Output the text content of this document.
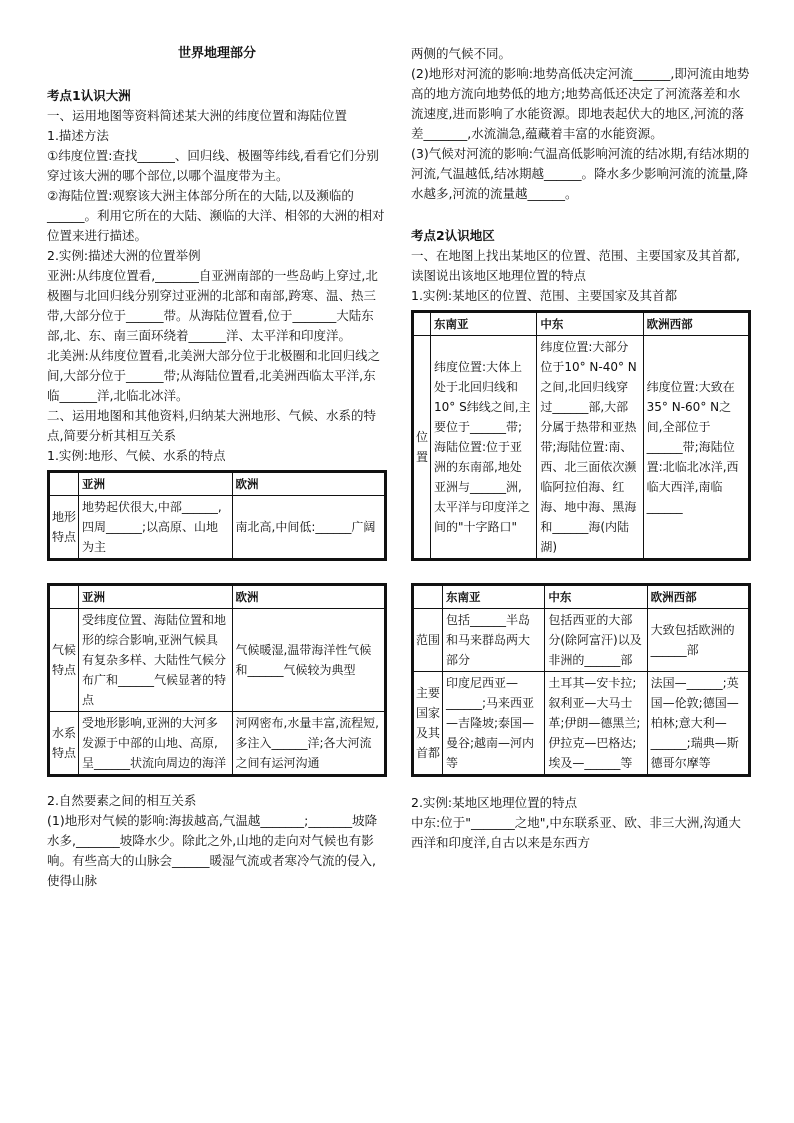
世界地理部分

考点1认识大洲

一、运用地图等资料简述某大洲的纬度位置和海陆位置

1.描述方法

①纬度位置:查找______、回归线、极圈等纬线,看看它们分别穿过该大洲的哪个部位,以哪个温度带为主。

②海陆位置:观察该大洲主体部分所在的大陆,以及濒临的______。利用它所在的大陆、濒临的大洋、相邻的大洲的相对位置来进行描述。

2.实例:描述大洲的位置举例

亚洲:从纬度位置看,_______自亚洲南部的一些岛屿上穿过,北极圈与北回归线分别穿过亚洲的北部和南部,跨寒、温、热三带,大部分位于______带。从海陆位置看,位于_______大陆东部,北、东、南三面环绕着______洋、太平洋和印度洋。

北美洲:从纬度位置看,北美洲大部分位于北极圈和北回归线之间,大部分位于______带;从海陆位置看,北美洲西临太平洋,东临______洋,北临北冰洋。

二、运用地图和其他资料,归纳某大洲地形、气候、水系的特点,简要分析其相互关系

1.实例:地形、气候、水系的特点

	亚洲	欧洲
地形特点	地势起伏很大,中部______,四周______;以高原、山地为主	南北高,中间低:______广阔
	亚洲	欧洲
气候特点	受纬度位置、海陆位置和地形的综合影响,亚洲气候具有复杂多样、大陆性气候分布广和______气候显著的特点	气候暖湿,温带海洋性气候和______气候较为典型
水系特点	受地形影响,亚洲的大河多发源于中部的山地、高原,呈______状流向周边的海洋	河网密布,水量丰富,流程短,多注入______洋;各大河流之间有运河沟通

2.自然要素之间的相互关系

(1)地形对气候的影响:海拔越高,气温越_______;_______坡降水多,_______坡降水少。除此之外,山地的走向对气候也有影响。有些高大的山脉会______暖湿气流或者寒冷气流的侵入,使得山脉

两侧的气候不同。

(2)地形对河流的影响:地势高低决定河流______,即河流由地势高的地方流向地势低的地方;地势高低还决定了河流落差和水流速度,进而影响了水能资源。即地表起伏大的地区,河流的落差_______,水流湍急,蕴藏着丰富的水能资源。

(3)气候对河流的影响:气温高低影响河流的结冰期,有结冰期的河流,气温越低,结冰期越______。降水多少影响河流的流量,降水越多,河流的流量越______。

考点2认识地区

一、在地图上找出某地区的位置、范围、主要国家及其首都,读图说出该地区地理位置的特点

1.实例:某地区的位置、范围、主要国家及其首都

	东南亚	中东	欧洲西部
位置	纬度位置:大体上处于北回归线和10° S纬线之间,主要位于______带;海陆位置:位于亚洲的东南部,地处亚洲与______洲,太平洋与印度洋之间的"十字路口"	纬度位置:大部分位于10° N-40° N之间,北回归线穿过______部,大部分属于热带和亚热带;海陆位置:南、西、北三面依次濒临阿拉伯海、红海、地中海、黑海和______海(内陆湖)	纬度位置:大致在35° N-60° N之间,全部位于______带;海陆位置:北临北冰洋,西临大西洋,南临______
	东南亚	中东	欧洲西部
范围	包括______半岛和马来群岛两大部分	包括西亚的大部分(除阿富汗)以及非洲的______部	大致包括欧洲的______部
主要国家及其首都	印度尼西亚—______;马来西亚—吉隆坡;泰国—曼谷;越南—河内等	土耳其—安卡拉;叙利亚—大马士革;伊朗—德黑兰;伊拉克—巴格达;埃及—______等	法国—______;英国—伦敦;德国—柏林;意大利—______;瑞典—斯德哥尔摩等

2.实例:某地区地理位置的特点

中东:位于"_______之地",中东联系亚、欧、非三大洲,沟通大西洋和印度洋,自古以来是东西方
